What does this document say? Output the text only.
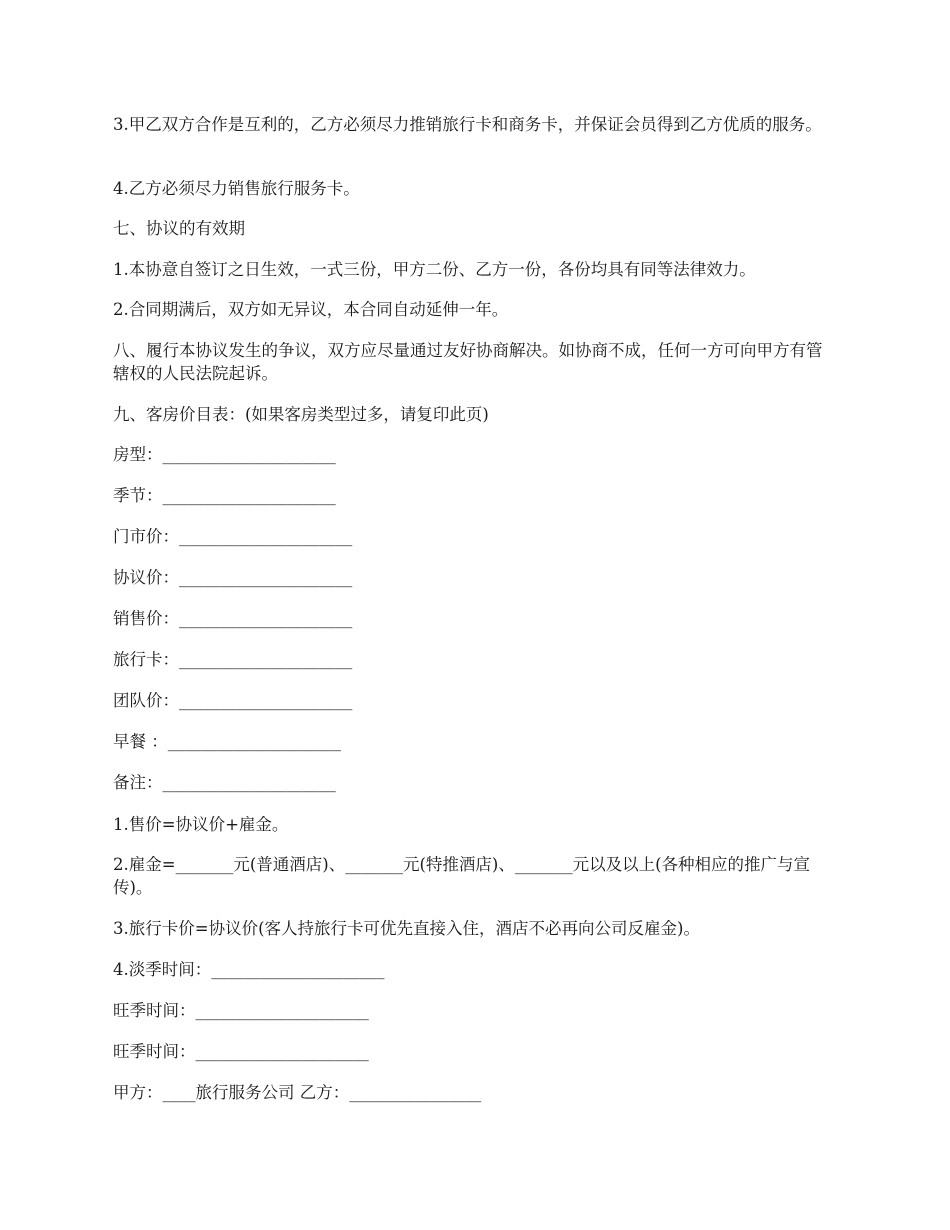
3.甲乙双方合作是互利的，乙方必须尽力推销旅行卡和商务卡，并保证会员得到乙方优质的服务。

4.乙方必须尽力销售旅行服务卡。

七、协议的有效期

1.本协意自签订之日生效，一式三份，甲方二份、乙方一份，各份均具有同等法律效力。

2.合同期满后，双方如无异议，本合同自动延伸一年。

八、履行本协议发生的争议，双方应尽量通过友好协商解决。如协商不成，任何一方可向甲方有管辖权的人民法院起诉。

九、客房价目表：(如果客房类型过多，请复印此页)

房型：_____________________

季节：_____________________

门市价：_____________________

协议价：_____________________

销售价：_____________________

旅行卡：_____________________

团队价：_____________________

早餐 ：_____________________

备注：_____________________

1.售价=协议价+雇金。

2.雇金=_______元(普通酒店)、_______元(特推酒店)、_______元以及以上(各种相应的推广与宣传)。

3.旅行卡价=协议价(客人持旅行卡可优先直接入住，酒店不必再向公司反雇金)。

4.淡季时间：_____________________

旺季时间：_____________________

旺季时间：_____________________

甲方：____旅行服务公司 乙方：________________
